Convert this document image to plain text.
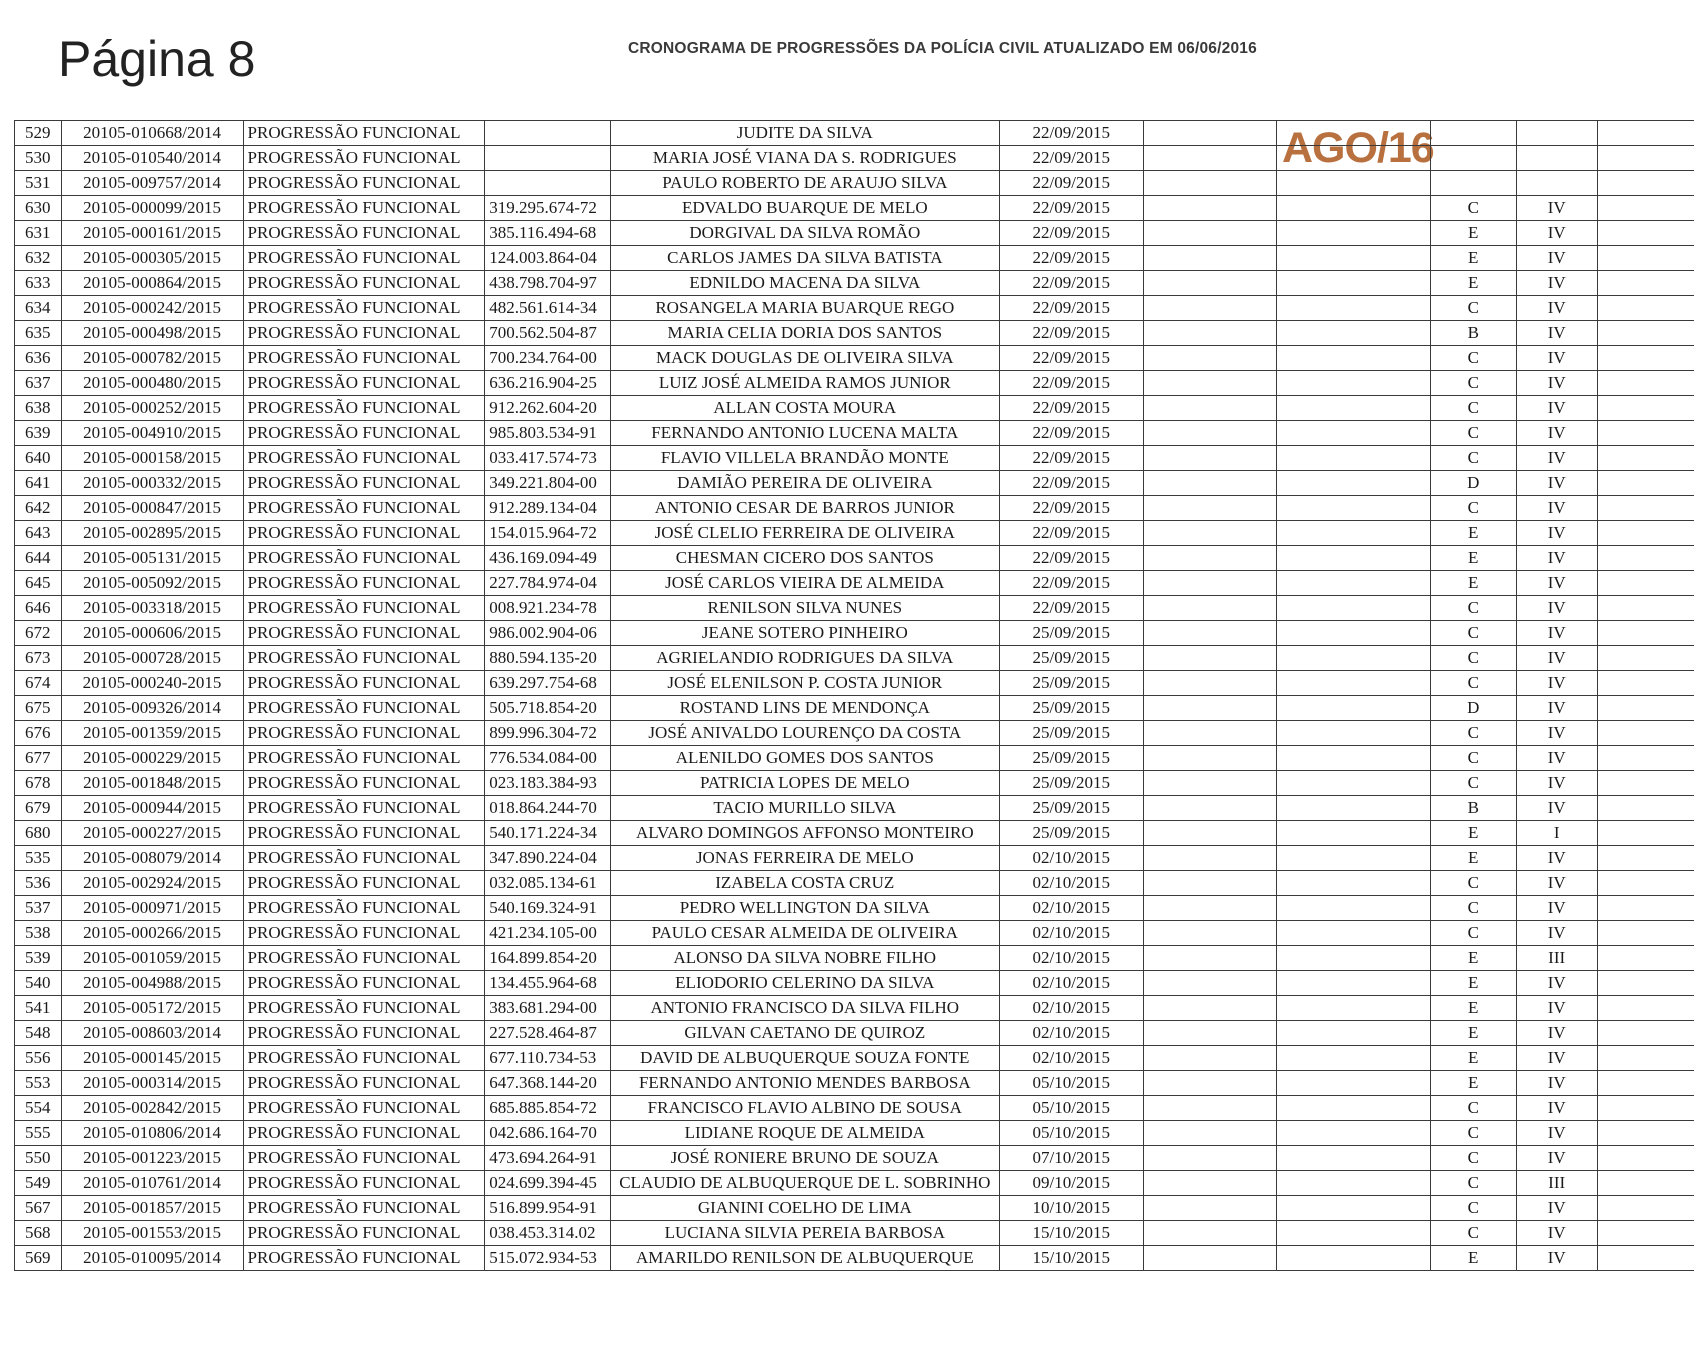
Página 8	CRONOGRAMA DE PROGRESSÕES DA POLÍCIA CIVIL ATUALIZADO EM 06/06/2016
AGO/16
529	20105-010668/2014	PROGRESSÃO FUNCIONAL		JUDITE DA SILVA	22/09/2015					
530	20105-010540/2014	PROGRESSÃO FUNCIONAL		MARIA JOSÉ VIANA DA S. RODRIGUES	22/09/2015					
531	20105-009757/2014	PROGRESSÃO FUNCIONAL		PAULO ROBERTO DE ARAUJO SILVA	22/09/2015					
630	20105-000099/2015	PROGRESSÃO FUNCIONAL	319.295.674-72	EDVALDO BUARQUE DE MELO	22/09/2015			C	IV	
631	20105-000161/2015	PROGRESSÃO FUNCIONAL	385.116.494-68	DORGIVAL DA SILVA ROMÃO	22/09/2015			E	IV	
632	20105-000305/2015	PROGRESSÃO FUNCIONAL	124.003.864-04	CARLOS JAMES DA SILVA BATISTA	22/09/2015			E	IV	
633	20105-000864/2015	PROGRESSÃO FUNCIONAL	438.798.704-97	EDNILDO MACENA DA SILVA	22/09/2015			E	IV	
634	20105-000242/2015	PROGRESSÃO FUNCIONAL	482.561.614-34	ROSANGELA MARIA BUARQUE REGO	22/09/2015			C	IV	
635	20105-000498/2015	PROGRESSÃO FUNCIONAL	700.562.504-87	MARIA CELIA DORIA DOS SANTOS	22/09/2015			B	IV	
636	20105-000782/2015	PROGRESSÃO FUNCIONAL	700.234.764-00	MACK DOUGLAS DE OLIVEIRA SILVA	22/09/2015			C	IV	
637	20105-000480/2015	PROGRESSÃO FUNCIONAL	636.216.904-25	LUIZ JOSÉ ALMEIDA RAMOS JUNIOR	22/09/2015			C	IV	
638	20105-000252/2015	PROGRESSÃO FUNCIONAL	912.262.604-20	ALLAN COSTA MOURA	22/09/2015			C	IV	
639	20105-004910/2015	PROGRESSÃO FUNCIONAL	985.803.534-91	FERNANDO ANTONIO LUCENA MALTA	22/09/2015			C	IV	
640	20105-000158/2015	PROGRESSÃO FUNCIONAL	033.417.574-73	FLAVIO VILLELA BRANDÃO MONTE	22/09/2015			C	IV	
641	20105-000332/2015	PROGRESSÃO FUNCIONAL	349.221.804-00	DAMIÃO PEREIRA DE OLIVEIRA	22/09/2015			D	IV	
642	20105-000847/2015	PROGRESSÃO FUNCIONAL	912.289.134-04	ANTONIO CESAR DE BARROS JUNIOR	22/09/2015			C	IV	
643	20105-002895/2015	PROGRESSÃO FUNCIONAL	154.015.964-72	JOSÉ CLELIO FERREIRA DE OLIVEIRA	22/09/2015			E	IV	
644	20105-005131/2015	PROGRESSÃO FUNCIONAL	436.169.094-49	CHESMAN CICERO DOS SANTOS	22/09/2015			E	IV	
645	20105-005092/2015	PROGRESSÃO FUNCIONAL	227.784.974-04	JOSÉ CARLOS VIEIRA DE ALMEIDA	22/09/2015			E	IV	
646	20105-003318/2015	PROGRESSÃO FUNCIONAL	008.921.234-78	RENILSON SILVA NUNES	22/09/2015			C	IV	
672	20105-000606/2015	PROGRESSÃO FUNCIONAL	986.002.904-06	JEANE SOTERO PINHEIRO	25/09/2015			C	IV	
673	20105-000728/2015	PROGRESSÃO FUNCIONAL	880.594.135-20	AGRIELANDIO RODRIGUES DA SILVA	25/09/2015			C	IV	
674	20105-000240-2015	PROGRESSÃO FUNCIONAL	639.297.754-68	JOSÉ ELENILSON P. COSTA JUNIOR	25/09/2015			C	IV	
675	20105-009326/2014	PROGRESSÃO FUNCIONAL	505.718.854-20	ROSTAND LINS DE MENDONÇA	25/09/2015			D	IV	
676	20105-001359/2015	PROGRESSÃO FUNCIONAL	899.996.304-72	JOSÉ ANIVALDO LOURENÇO DA COSTA	25/09/2015			C	IV	
677	20105-000229/2015	PROGRESSÃO FUNCIONAL	776.534.084-00	ALENILDO GOMES DOS SANTOS	25/09/2015			C	IV	
678	20105-001848/2015	PROGRESSÃO FUNCIONAL	023.183.384-93	PATRICIA LOPES DE MELO	25/09/2015			C	IV	
679	20105-000944/2015	PROGRESSÃO FUNCIONAL	018.864.244-70	TACIO MURILLO SILVA	25/09/2015			B	IV	
680	20105-000227/2015	PROGRESSÃO FUNCIONAL	540.171.224-34	ALVARO DOMINGOS AFFONSO MONTEIRO	25/09/2015			E	I	
535	20105-008079/2014	PROGRESSÃO FUNCIONAL	347.890.224-04	JONAS FERREIRA DE MELO	02/10/2015			E	IV	
536	20105-002924/2015	PROGRESSÃO FUNCIONAL	032.085.134-61	IZABELA COSTA CRUZ	02/10/2015			C	IV	
537	20105-000971/2015	PROGRESSÃO FUNCIONAL	540.169.324-91	PEDRO WELLINGTON DA SILVA	02/10/2015			C	IV	
538	20105-000266/2015	PROGRESSÃO FUNCIONAL	421.234.105-00	PAULO CESAR ALMEIDA DE OLIVEIRA	02/10/2015			C	IV	
539	20105-001059/2015	PROGRESSÃO FUNCIONAL	164.899.854-20	ALONSO DA SILVA NOBRE FILHO	02/10/2015			E	III	
540	20105-004988/2015	PROGRESSÃO FUNCIONAL	134.455.964-68	ELIODORIO CELERINO DA SILVA	02/10/2015			E	IV	
541	20105-005172/2015	PROGRESSÃO FUNCIONAL	383.681.294-00	ANTONIO FRANCISCO DA SILVA FILHO	02/10/2015			E	IV	
548	20105-008603/2014	PROGRESSÃO FUNCIONAL	227.528.464-87	GILVAN CAETANO DE QUIROZ	02/10/2015			E	IV	
556	20105-000145/2015	PROGRESSÃO FUNCIONAL	677.110.734-53	DAVID DE ALBUQUERQUE SOUZA FONTE	02/10/2015			E	IV	
553	20105-000314/2015	PROGRESSÃO FUNCIONAL	647.368.144-20	FERNANDO ANTONIO MENDES BARBOSA	05/10/2015			E	IV	
554	20105-002842/2015	PROGRESSÃO FUNCIONAL	685.885.854-72	FRANCISCO FLAVIO ALBINO DE SOUSA	05/10/2015			C	IV	
555	20105-010806/2014	PROGRESSÃO FUNCIONAL	042.686.164-70	LIDIANE ROQUE DE ALMEIDA	05/10/2015			C	IV	
550	20105-001223/2015	PROGRESSÃO FUNCIONAL	473.694.264-91	JOSÉ RONIERE BRUNO DE SOUZA	07/10/2015			C	IV	
549	20105-010761/2014	PROGRESSÃO FUNCIONAL	024.699.394-45	CLAUDIO DE ALBUQUERQUE DE L. SOBRINHO	09/10/2015			C	III	
567	20105-001857/2015	PROGRESSÃO FUNCIONAL	516.899.954-91	GIANINI COELHO DE LIMA	10/10/2015			C	IV	
568	20105-001553/2015	PROGRESSÃO FUNCIONAL	038.453.314.02	LUCIANA SILVIA PEREIA BARBOSA	15/10/2015			C	IV	
569	20105-010095/2014	PROGRESSÃO FUNCIONAL	515.072.934-53	AMARILDO RENILSON DE ALBUQUERQUE	15/10/2015			E	IV	
